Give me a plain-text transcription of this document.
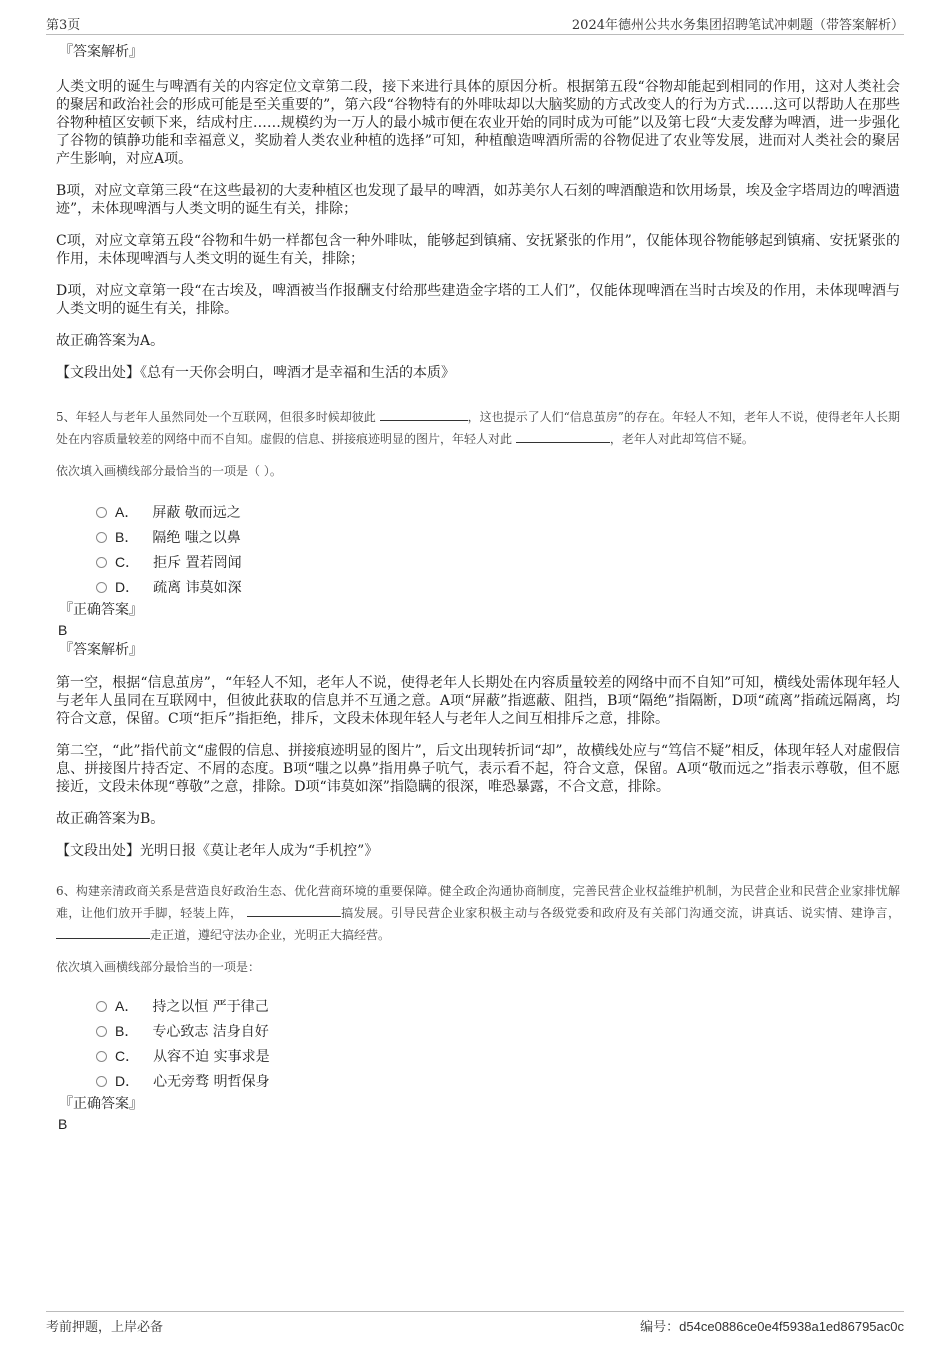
第3页	2024年德州公共水务集团招聘笔试冲刺题（带答案解析）
『答案解析』

人类文明的诞生与啤酒有关的内容定位文章第二段，接下来进行具体的原因分析。根据第五段“谷物却能起到相同的作用，这对人类社会的聚居和政治社会的形成可能是至关重要的”，第六段“谷物特有的外啡呔却以大脑奖励的方式改变人的行为方式……这可以帮助人在那些谷物种植区安顿下来，结成村庄……规模约为一万人的最小城市便在农业开始的同时成为可能”以及第七段“大麦发酵为啤酒，进一步强化了谷物的镇静功能和幸福意义，奖励着人类农业种植的选择”可知，种植酿造啤酒所需的谷物促进了农业等发展，进而对人类社会的聚居产生影响，对应A项。

B项，对应文章第三段“在这些最初的大麦种植区也发现了最早的啤酒，如苏美尔人石刻的啤酒酿造和饮用场景，埃及金字塔周边的啤酒遗迹”，未体现啤酒与人类文明的诞生有关，排除；

C项，对应文章第五段“谷物和牛奶一样都包含一种外啡呔，能够起到镇痛、安抚紧张的作用”，仅能体现谷物能够起到镇痛、安抚紧张的作用，未体现啤酒与人类文明的诞生有关，排除；

D项，对应文章第一段“在古埃及，啤酒被当作报酬支付给那些建造金字塔的工人们”，仅能体现啤酒在当时古埃及的作用，未体现啤酒与人类文明的诞生有关，排除。

故正确答案为A。

【文段出处】《总有一天你会明白，啤酒才是幸福和生活的本质》

5、年轻人与老年人虽然同处一个互联网，但很多时候却彼此	，这也提示了人们“信息茧房”的存在。年轻人不知，老年人不说，使得老年人长期处在内容质量较差的网络中而不自知。虚假的信息、拼接痕迹明显的图片，年轻人对此	，老年人对此却笃信不疑。

依次填入画横线部分最恰当的一项是（ ）。
A． 屏蔽 敬而远之
B． 隔绝 嗤之以鼻
C． 拒斥 置若罔闻
D． 疏离 讳莫如深
『正确答案』
B
『答案解析』

第一空，根据“信息茧房”，“年轻人不知，老年人不说，使得老年人长期处在内容质量较差的网络中而不自知”可知，横线处需体现年轻人与老年人虽同在互联网中，但彼此获取的信息并不互通之意。A项“屏蔽”指遮蔽、阻挡，B项“隔绝”指隔断，D项“疏离”指疏远隔离，均符合文意，保留。C项“拒斥”指拒绝，排斥，文段未体现年轻人与老年人之间互相排斥之意，排除。

第二空，“此”指代前文“虚假的信息、拼接痕迹明显的图片”，后文出现转折词“却”，故横线处应与“笃信不疑”相反，体现年轻人对虚假信息、拼接图片持否定、不屑的态度。B项“嗤之以鼻”指用鼻子吭气，表示看不起，符合文意，保留。A项“敬而远之”指表示尊敬，但不愿接近，文段未体现“尊敬”之意，排除。D项“讳莫如深”指隐瞒的很深，唯恐暴露，不合文意，排除。

故正确答案为B。

【文段出处】光明日报《莫让老年人成为“手机控”》

6、构建亲清政商关系是营造良好政治生态、优化营商环境的重要保障。健全政企沟通协商制度，完善民营企业权益维护机制，为民营企业和民营企业家排忧解难，让他们放开手脚，轻装上阵，	搞发展。引导民营企业家积极主动与各级党委和政府及有关部门沟通交流，讲真话、说实情、建诤言， 走正道，遵纪守法办企业，光明正大搞经营。

依次填入画横线部分最恰当的一项是：
A． 持之以恒 严于律己
B． 专心致志 洁身自好
C． 从容不迫 实事求是
D． 心无旁骛 明哲保身
『正确答案』
B
考前押题，上岸必备	编号：d54ce0886ce0e4f5938a1ed86795ac0c
